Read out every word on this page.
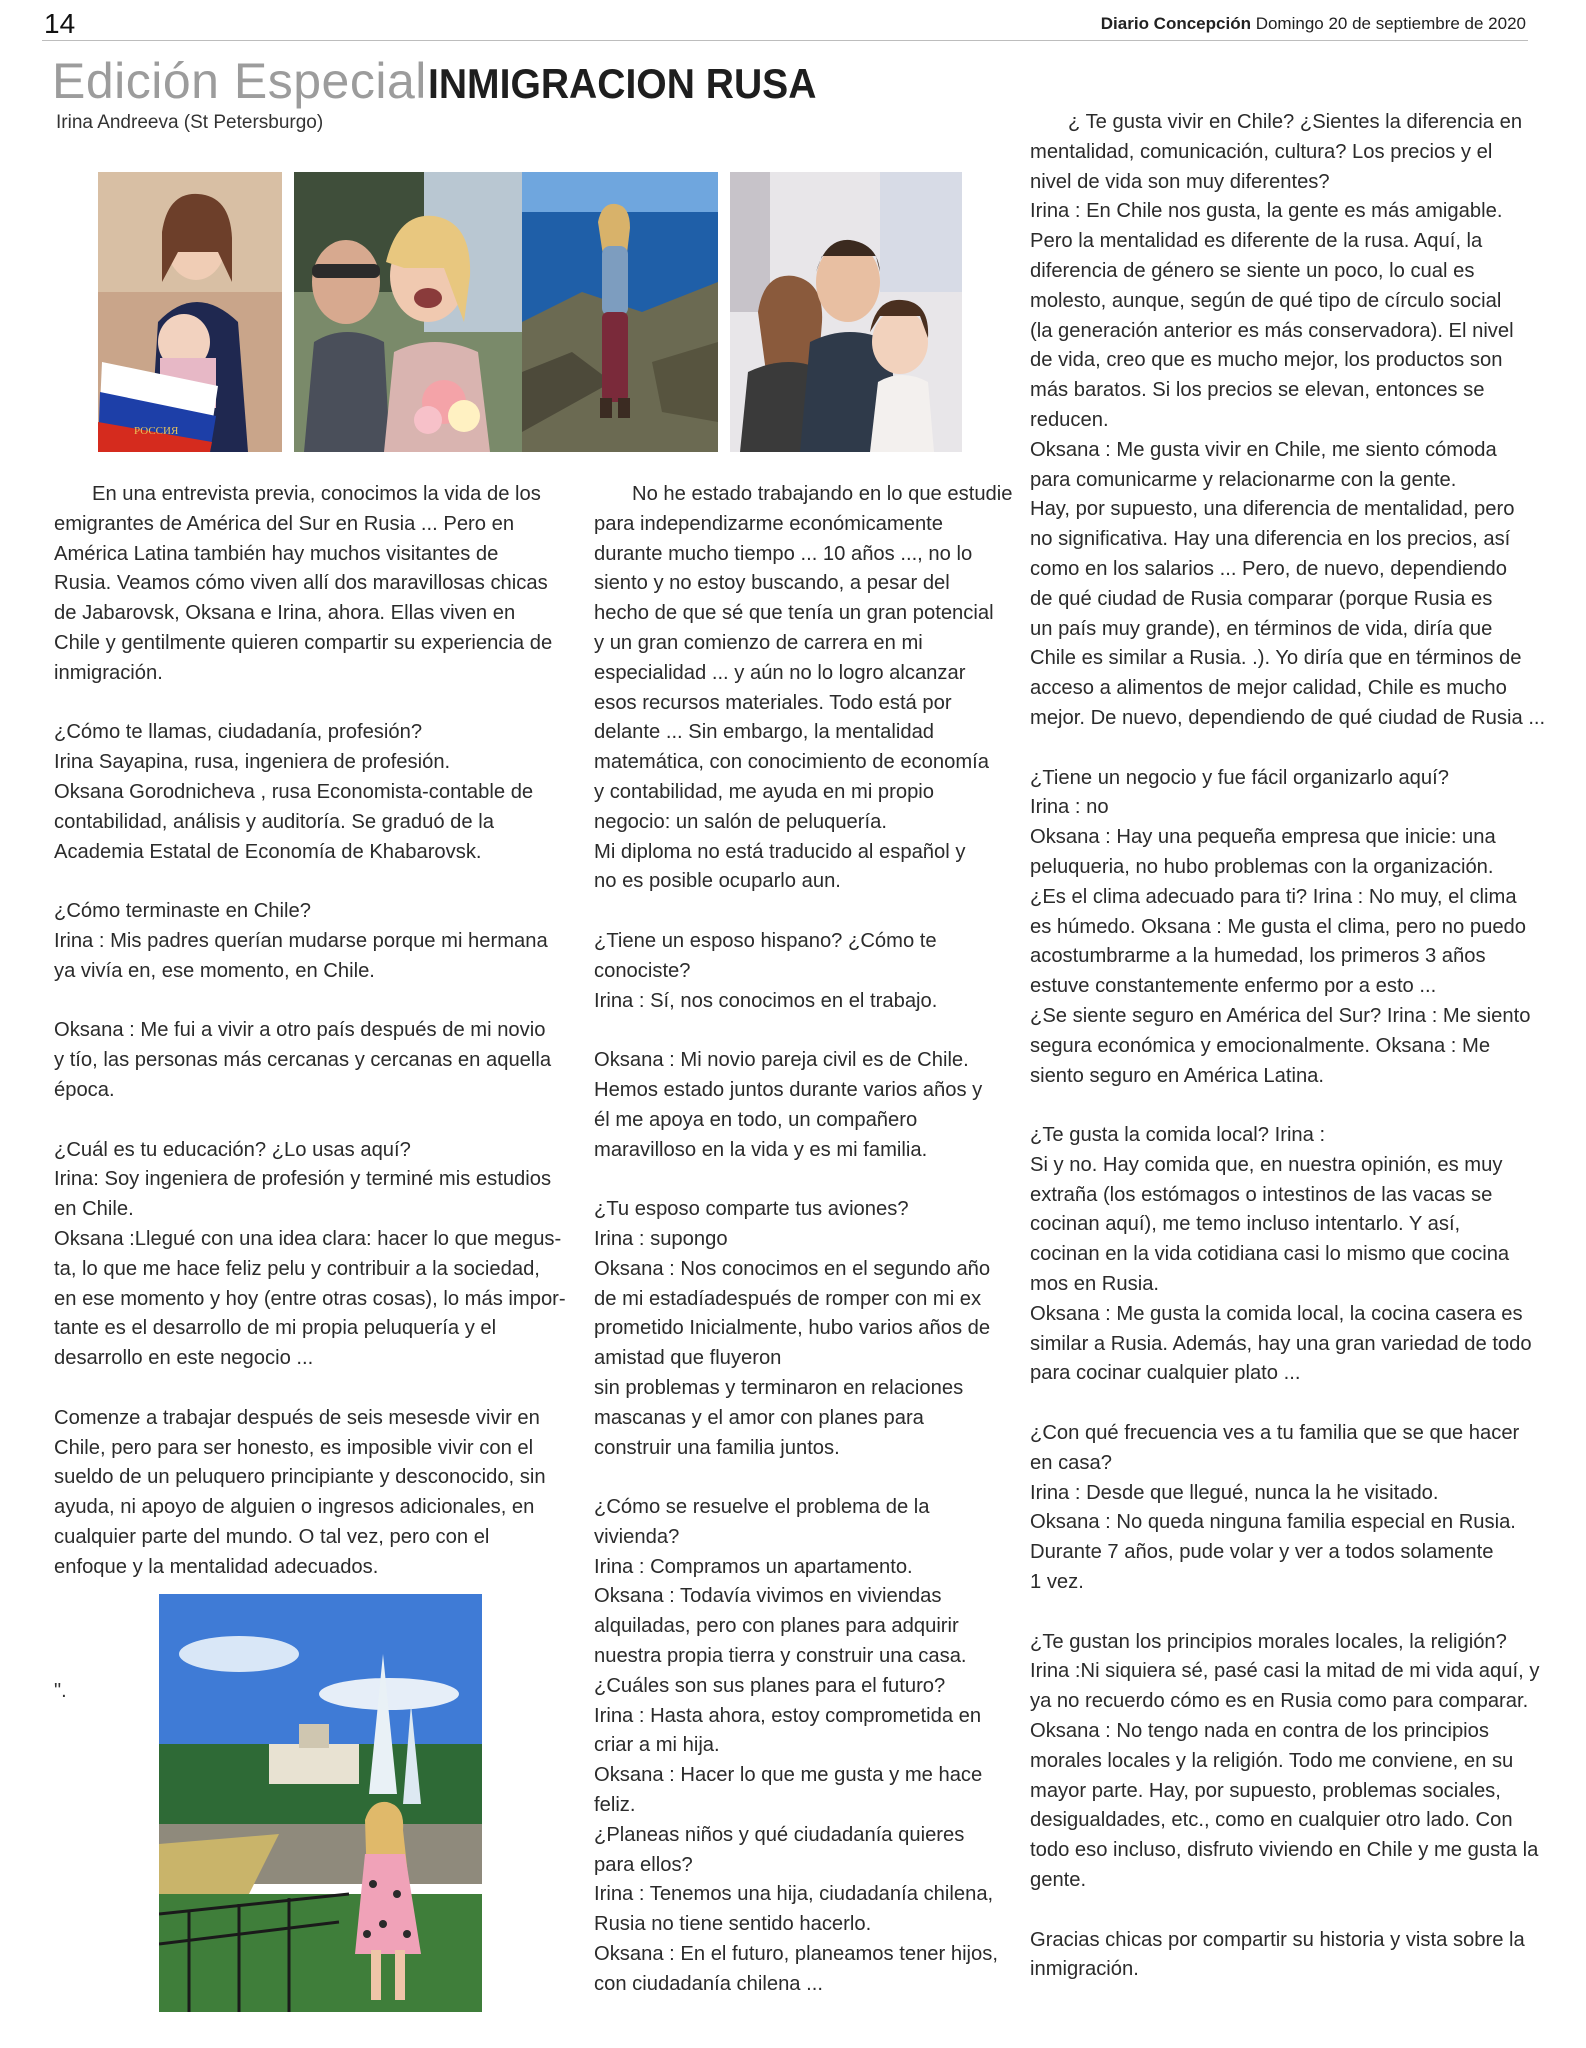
14	Diario Concepción Domingo 20 de septiembre de 2020
Edición Especial INMIGRACION RUSA
Irina Andreeva (St Petersburgo)
РОССИЯ

En una entrevista previa, conocimos la vida de los
emigrantes de América del Sur en Rusia ... Pero en
América Latina también hay muchos visitantes de
Rusia. Veamos cómo viven allí dos maravillosas chicas
de Jabarovsk, Oksana e Irina, ahora. Ellas viven en
Chile y gentilmente quieren compartir su experiencia de
inmigración.

¿Cómo te llamas, ciudadanía, profesión?
Irina Sayapina, rusa, ingeniera de profesión.
Oksana Gorodnicheva , rusa Economista-contable de
contabilidad, análisis y auditoría. Se graduó de la
Academia Estatal de Economía de Khabarovsk.

¿Cómo terminaste en Chile?
Irina : Mis padres querían mudarse porque mi hermana
ya vivía en, ese momento, en Chile.

Oksana : Me fui a vivir a otro país después de mi novio
y tío, las personas más cercanas y cercanas en aquella
época.

¿Cuál es tu educación? ¿Lo usas aquí?
Irina: Soy ingeniera de profesión y terminé mis estudios
en Chile.
Oksana :Llegué con una idea clara: hacer lo que megus-
ta, lo que me hace feliz pelu y contribuir a la sociedad,
en ese momento y hoy (entre otras cosas), lo más impor-
tante es el desarrollo de mi propia peluquería y el
desarrollo en este negocio ...

Comenze a trabajar después de seis mesesde vivir en
Chile, pero para ser honesto, es imposible vivir con el
sueldo de un peluquero principiante y desconocido, sin
ayuda, ni apoyo de alguien o ingresos adicionales, en
cualquier parte del mundo. O tal vez, pero con el
enfoque y la mentalidad adecuados.

".

No he estado trabajando en lo que estudie
para independizarme económicamente
durante mucho tiempo ... 10 años ..., no lo
siento y no estoy buscando, a pesar del
hecho de que sé que tenía un gran potencial
y un gran comienzo de carrera en mi
especialidad ... y aún no lo logro alcanzar
esos recursos materiales. Todo está por
delante ... Sin embargo, la mentalidad
matemática, con conocimiento de economía
y contabilidad, me ayuda en mi propio
negocio: un salón de peluquería.
Mi diploma no está traducido al español y
no es posible ocuparlo aun.

¿Tiene un esposo hispano? ¿Cómo te
conociste?
Irina : Sí, nos conocimos en el trabajo.

Oksana : Mi novio pareja civil es de Chile.
Hemos estado juntos durante varios años y
él me apoya en todo, un compañero
maravilloso en la vida y es mi familia.

¿Tu esposo comparte tus aviones?
Irina : supongo
Oksana : Nos conocimos en el segundo año
de mi estadíadespués de romper con mi ex
prometido Inicialmente, hubo varios años de
amistad que fluyeron
sin problemas y terminaron en relaciones
mascanas y el amor con planes para
construir una familia juntos.

¿Cómo se resuelve el problema de la
vivienda?
Irina : Compramos un apartamento.
Oksana : Todavía vivimos en viviendas
alquiladas, pero con planes para adquirir
nuestra propia tierra y construir una casa.
¿Cuáles son sus planes para el futuro?
Irina : Hasta ahora, estoy comprometida en
criar a mi hija.
Oksana : Hacer lo que me gusta y me hace
feliz.
¿Planeas niños y qué ciudadanía quieres
para ellos?
Irina : Tenemos una hija, ciudadanía chilena,
Rusia no tiene sentido hacerlo.
Oksana : En el futuro, planeamos tener hijos,
con ciudadanía chilena ...

¿ Te gusta vivir en Chile? ¿Sientes la diferencia en
mentalidad, comunicación, cultura? Los precios y el
nivel de vida son muy diferentes?
Irina : En Chile nos gusta, la gente es más amigable.
Pero la mentalidad es diferente de la rusa. Aquí, la
diferencia de género se siente un poco, lo cual es
molesto, aunque, según de qué tipo de círculo social
(la generación anterior es más conservadora). El nivel
de vida, creo que es mucho mejor, los productos son
más baratos. Si los precios se elevan, entonces se
reducen.
Oksana : Me gusta vivir en Chile, me siento cómoda
para comunicarme y relacionarme con la gente.
Hay, por supuesto, una diferencia de mentalidad, pero
no significativa. Hay una diferencia en los precios, así
como en los salarios ... Pero, de nuevo, dependiendo
de qué ciudad de Rusia comparar (porque Rusia es
un país muy grande), en términos de vida, diría que
Chile es similar a Rusia. .). Yo diría que en términos de
acceso a alimentos de mejor calidad, Chile es mucho
mejor. De nuevo, dependiendo de qué ciudad de Rusia ...

¿Tiene un negocio y fue fácil organizarlo aquí?
Irina : no
Oksana : Hay una pequeña empresa que inicie: una
peluqueria, no hubo problemas con la organización.
¿Es el clima adecuado para ti? Irina : No muy, el clima
es húmedo. Oksana : Me gusta el clima, pero no puedo
acostumbrarme a la humedad, los primeros 3 años
estuve constantemente enfermo por a esto ...
¿Se siente seguro en América del Sur? Irina : Me siento
segura económica y emocionalmente. Oksana : Me
siento seguro en América Latina.

¿Te gusta la comida local? Irina :
Si y no. Hay comida que, en nuestra opinión, es muy
extraña (los estómagos o intestinos de las vacas se
cocinan aquí), me temo incluso intentarlo. Y así,
cocinan en la vida cotidiana casi lo mismo que cocina
mos en Rusia.
Oksana : Me gusta la comida local, la cocina casera es
similar a Rusia. Además, hay una gran variedad de todo
para cocinar cualquier plato ...

¿Con qué frecuencia ves a tu familia que se que hacer
en casa?
Irina : Desde que llegué, nunca la he visitado.
Oksana : No queda ninguna familia especial en Rusia.
Durante 7 años, pude volar y ver a todos solamente
1 vez.

¿Te gustan los principios morales locales, la religión?
Irina :Ni siquiera sé, pasé casi la mitad de mi vida aquí, y
ya no recuerdo cómo es en Rusia como para comparar.
Oksana : No tengo nada en contra de los principios
morales locales y la religión. Todo me conviene, en su
mayor parte. Hay, por supuesto, problemas sociales,
desigualdades, etc., como en cualquier otro lado. Con
todo eso incluso, disfruto viviendo en Chile y me gusta la
gente.

Gracias chicas por compartir su historia y vista sobre la
inmigración.
